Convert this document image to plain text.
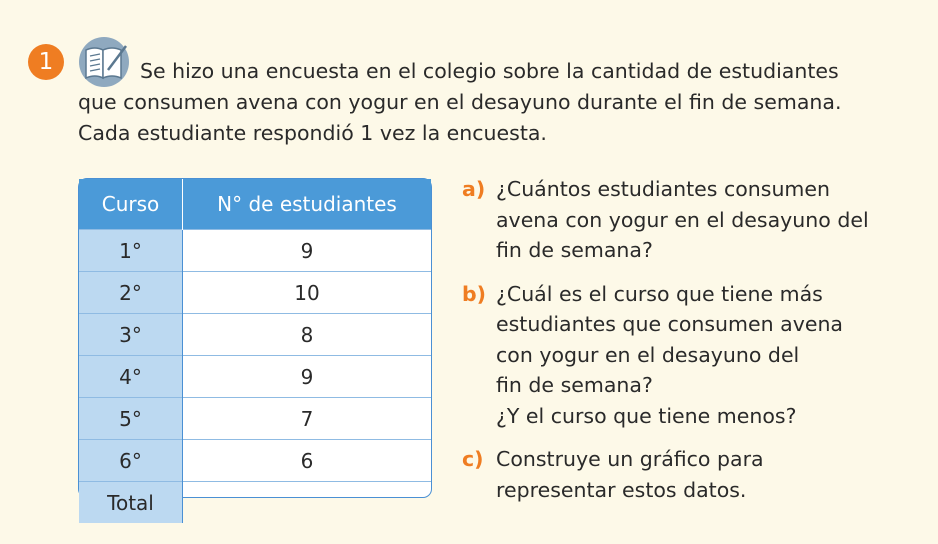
1	Se hizo una encuesta en el colegio sobre la cantidad de estudiantes
que consumen avena con yogur en el desayuno durante el fin de semana.
Cada estudiante respondió 1 vez la encuesta.
Curso	N° de estudiantes
1°	9
2°	10
3°	8
4°	9
5°	7
6°	6
Total	
a) ¿Cuántos estudiantes consumen
avena con yogur en el desayuno del
fin de semana?
b) ¿Cuál es el curso que tiene más
estudiantes que consumen avena
con yogur en el desayuno del
fin de semana?
¿Y el curso que tiene menos?
c) Construye un gráfico para
representar estos datos.
